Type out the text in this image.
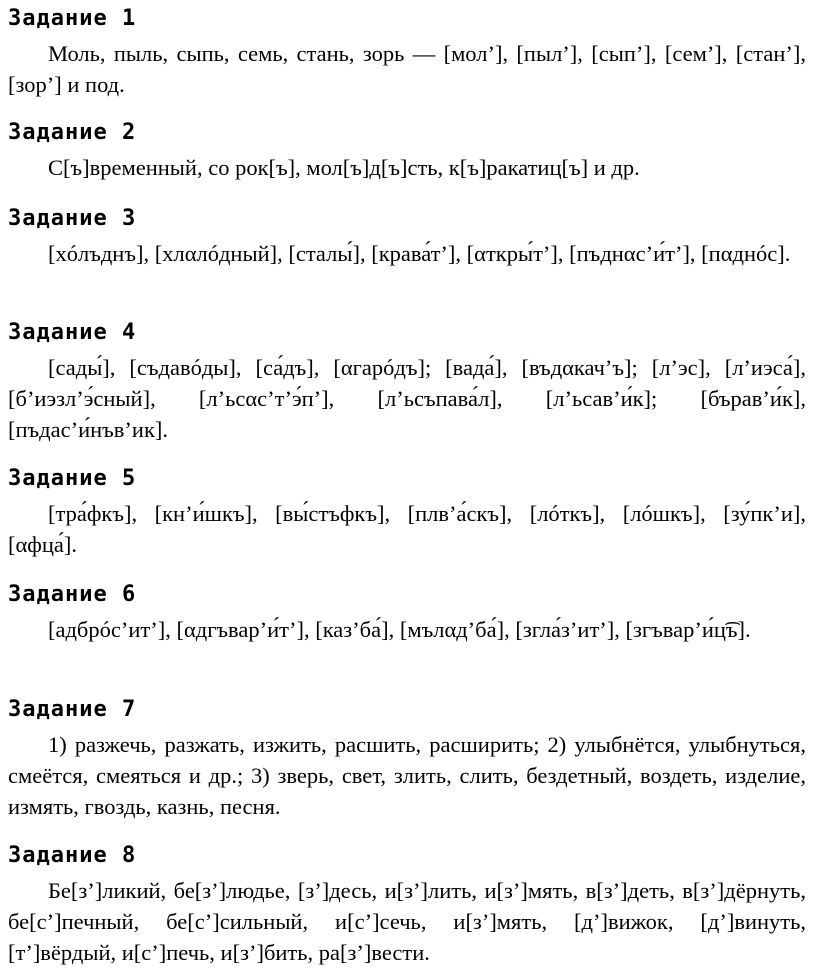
Задание 1

Моль, пыль, сыпь, семь, стань, зорь — [мол’], [пыл’], [сып’], [сем’], [стан’], [зор’] и под.

Задание 2

С[ъ]временный, со рок[ъ], мол[ъ]д[ъ]сть, к[ъ]ракатиц[ъ] и др.

Задание 3

[хóлъднъ], [хлαлóдный], [сталы́], [крава́т’], [αткры́т’], [пъднαс’и́т’], [пαднóс].

Задание 4

[сады́], [съдавóды], [са́дъ], [αгарóдъ]; [вада́], [въдαкач’ъ]; [л’эс], [л’иэса́], [б’иэзл’э́сный], [л’ьсαс’т’э́п’], [л’ьсъпава́л], [л’ьсав’и́к]; [бърав’и́к], [пъдас’и́нъв’ик].

Задание 5

[тра́фкъ], [кн’и́шкъ], [вы́стъфкъ], [плв’а́скъ], [лóткъ], [лóшкъ], [зу́пк’и], [αфца́].

Задание 6

[адбрóс’ит’], [αдгъвар’и́т’], [каз’ба́], [мълαд’ба́], [згла́з’ит’], [згъвар’и́ц͡ъ].

Задание 7

1) разжечь, разжать, изжить, расшить, расширить; 2) улыбнётся, улыбнуться, смеётся, смеяться и др.; 3) зверь, свет, злить, слить, бездетный, воздеть, изделие, измять, гвоздь, казнь, песня.

Задание 8

Бе[з’]ликий, бе[з’]людье, [з’]десь, и[з’]лить, и[з’]мять, в[з’]деть, в[з’]дёрнуть, бе[с’]печный, бе[с’]сильный, и[с’]сечь, и[з’]мять, [д’]вижок, [д’]винуть, [т’]вёрдый, и[с’]печь, и[з’]бить, ра[з’]вести.
